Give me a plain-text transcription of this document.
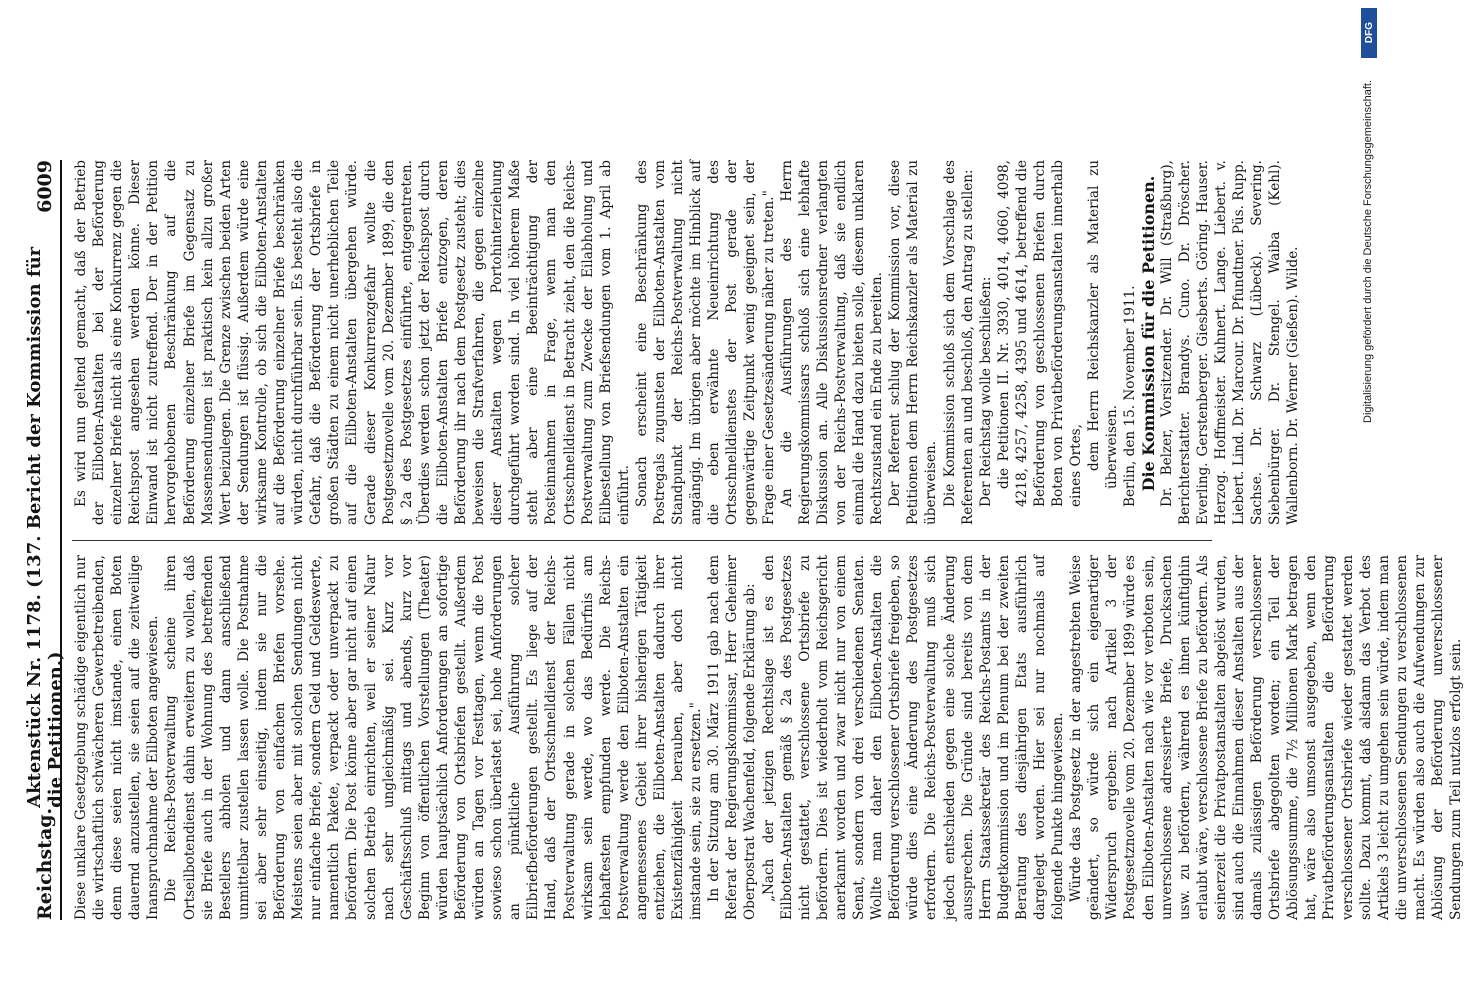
DFG
Digitalisierung gefördert durch die Deutsche Forschungsgemeinschaft.
Reichstag.
Aktenstück Nr. 1178. (137. Bericht der Kommission für die Petitionen.)
6009

Diese unklare Gesetzgebung schädige eigentlich nur die wirtschaftlich schwächeren Gewerbetreibenden, denn diese seien nicht imstande, einen Boten dauernd anzustellen, sie seien auf die zeitweilige Inanspruchnahme der Eilboten angewiesen. Die Reichs-Postverwaltung scheine ihren Ortseilbotendienst dahin erweitern zu wollen, daß sie Briefe auch in der Wohnung des betreffenden Bestellers abholen und dann anschließend unmittelbar zustellen lassen wolle. Die Postnahme sei aber sehr einseitig, indem sie nur die Beförderung von einfachen Briefen vorsehe. Meistens seien aber mit solchen Sendungen nicht nur einfache Briefe, sondern Geld und Geldeswerte, namentlich Pakete, verpackt oder unverpackt zu befördern. Die Post könne aber gar nicht auf einen solchen Betrieb einrichten, weil er seiner Natur nach sehr ungleichmäßig sei. Kurz vor Geschäftsschluß mittags und abends, kurz vor Beginn von öffentlichen Vorstellungen (Theater) würden hauptsächlich Anforderungen an sofortige Beförderung von Ortsbriefen gestellt. Außerdem würden an Tagen vor Festtagen, wenn die Post sowieso schon überlastet sei, hohe Anforderungen an pünktliche Ausführung solcher Eilbriefbeförderungen gestellt. Es liege auf der Hand, daß der Ortsschnelldienst der Reichs-Postverwaltung gerade in solchen Fällen nicht wirksam sein werde, wo das Bedürfnis am lebhaftesten empfunden werde. Die Reichs-Postverwaltung werde den Eilboten-Anstalten ein angemessenes Gebiet ihrer bisherigen Tätigkeit entziehen, die Eilboten-Anstalten dadurch ihrer Existenzfähigkeit berauben, aber doch nicht imstande sein, sie zu ersetzen." In der Sitzung am 30. März 1911 gab nach dem Referat der Regierungskommissar, Herr Geheimer Oberpostrat Wachenfeld, folgende Erklärung ab: „Nach der jetzigen Rechtslage ist es den Eilboten-Anstalten gemäß § 2a des Postgesetzes nicht gestattet, verschlossene Ortsbriefe zu befördern. Dies ist wiederholt vom Reichsgericht anerkannt worden und zwar nicht nur von einem Senat, sondern von drei verschiedenen Senaten. Wollte man daher den Eilboten-Anstalten die Beförderung verschlossener Ortsbriefe freigeben, so würde dies eine Änderung des Postgesetzes erfordern. Die Reichs-Postverwaltung muß sich jedoch entschieden gegen eine solche Änderung aussprechen. Die Gründe sind bereits von dem Herrn Staatssekretär des Reichs-Postamts in der Budgetkommission und im Plenum bei der zweiten Beratung des diesjährigen Etats ausführlich dargelegt worden. Hier sei nur nochmals auf folgende Punkte hingewiesen. Würde das Postgesetz in der angestrebten Weise geändert, so würde sich ein eigenartiger Widerspruch ergeben: nach Artikel 3 der Postgesetznovelle vom 20. Dezember 1899 würde es den Eilboten-Anstalten nach wie vor verboten sein, unverschlossene adressierte Briefe, Drucksachen usw. zu befördern, während es ihnen künftighin erlaubt wäre, verschlossene Briefe zu befördern. Als seinerzeit die Privatpostanstalten abgelöst wurden, sind auch die Einnahmen dieser Anstalten aus der damals zulässigen Beförderung verschlossener Ortsbriefe abgegolten worden; ein Teil der Ablösungssumme, die 7½ Millionen Mark betragen hat, wäre also umsonst ausgegeben, wenn den Privatbeförderungsanstalten die Beförderung verschlossener Ortsbriefe wieder gestattet werden sollte. Dazu kommt, daß alsdann das Verbot des Artikels 3 leicht zu umgehen sein würde, indem man die unverschlossenen Sendungen zu verschlossenen macht. Es würden also auch die Aufwendungen zur Ablösung der Beförderung unverschlossener Sendungen zum Teil nutzlos erfolgt sein.

Es wird nun geltend gemacht, daß der Betrieb der Eilboten-Anstalten bei der Beförderung einzelner Briefe nicht als eine Konkurrenz gegen die Reichspost angesehen werden könne. Dieser Einwand ist nicht zutreffend. Der in der Petition hervorgehobenen Beschränkung auf die Beförderung einzelner Briefe im Gegensatz zu Massensendungen ist praktisch kein allzu großer Wert beizulegen. Die Grenze zwischen beiden Arten der Sendungen ist flüssig. Außerdem würde eine wirksame Kontrolle, ob sich die Eilboten-Anstalten auf die Beförderung einzelner Briefe beschränken würden, nicht durchführbar sein. Es besteht also die Gefahr, daß die Beförderung der Ortsbriefe in großen Städten zu einem nicht unerheblichen Teile auf die Eilboten-Anstalten übergehen würde. Gerade dieser Konkurrenzgefahr wollte die Postgesetznovelle vom 20. Dezember 1899, die den § 2a des Postgesetzes einführte, entgegentreten. Überdies werden schon jetzt der Reichspost durch die Eilboten-Anstalten Briefe entzogen, deren Beförderung ihr nach dem Postgesetz zusteht; dies beweisen die Strafverfahren, die gegen einzelne dieser Anstalten wegen Portohinterziehung durchgeführt worden sind. In viel höherem Maße steht aber eine Beeinträchtigung der Posteinnahmen in Frage, wenn man den Ortsschnelldienst in Betracht zieht, den die Reichs-Postverwaltung zum Zwecke der Eilabholung und Eilbestellung von Briefsendungen vom 1. April ab einführt. Sonach erscheint eine Beschränkung des Postregals zugunsten der Eilboten-Anstalten vom Standpunkt der Reichs-Postverwaltung nicht angängig. Im übrigen aber möchte im Hinblick auf die eben erwähnte Neueinrichtung des Ortsschnelldienstes der Post gerade der gegenwärtige Zeitpunkt wenig geeignet sein, der Frage einer Gesetzesänderung näher zu treten." An die Ausführungen des Herrn Regierungskommissars schloß sich eine lebhafte Diskussion an. Alle Diskussionsredner verlangten von der Reichs-Postverwaltung, daß sie endlich einmal die Hand dazu bieten solle, diesem unklaren Rechtszustand ein Ende zu bereiten. Der Referent schlug der Kommission vor, diese Petitionen dem Herrn Reichskanzler als Material zu überweisen. Die Kommission schloß sich dem Vorschlage des Referenten an und beschloß, den Antrag zu stellen: Der Reichstag wolle beschließen: die Petitionen II. Nr. 3930, 4014, 4060, 4098, 4218, 4257, 4258, 4395 und 4614, betreffend die Beförderung von geschlossenen Briefen durch Boten von Privatbeförderungsanstalten innerhalb eines Ortes, dem Herrn Reichskanzler als Material zu überweisen. Berlin, den 15. November 1911. Die Kommission für die Petitionen. Dr. Belzer, Vorsitzender. Dr. Will (Straßburg), Berichterstatter. Brandys. Cuno. Dr. Dröscher. Everling. Gerstenberger. Giesberts. Göring. Hauser. Herzog. Hoffmeister. Kuhnert. Lange. Liebert. v. Liebert. Lind. Dr. Marcour. Dr. Pfundtner. Püs. Rupp. Sachse. Dr. Schwarz (Lübeck). Severing. Siebenbürger. Dr. Stengel. Waiba (Kehl). Wallenborn. Dr. Werner (Gießen). Wilde.
